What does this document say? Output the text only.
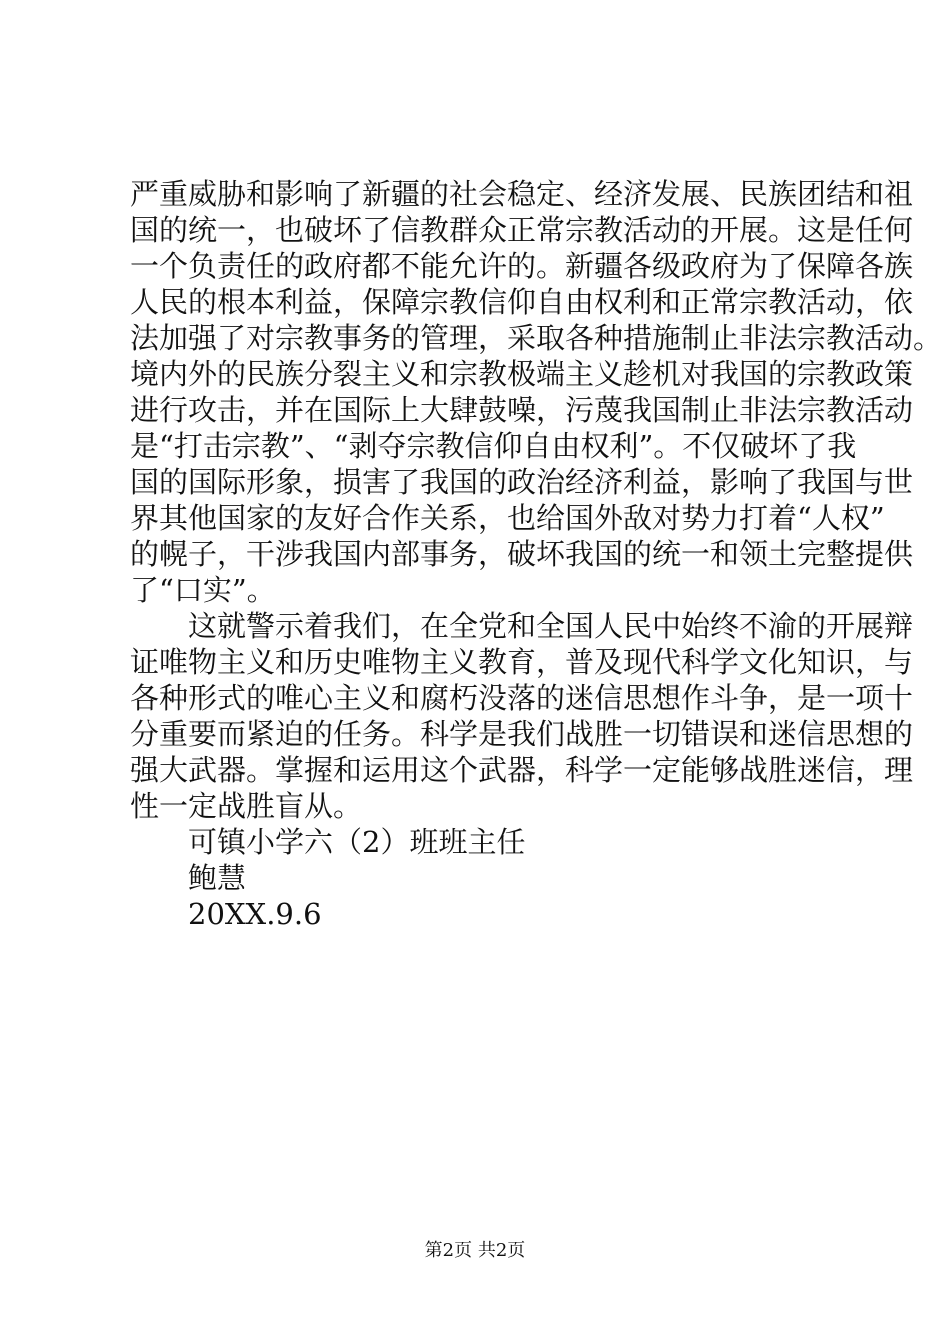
严重威胁和影响了新疆的社会稳定、经济发展、民族团结和祖
国的统一，也破坏了信教群众正常宗教活动的开展。这是任何
一个负责任的政府都不能允许的。新疆各级政府为了保障各族
人民的根本利益，保障宗教信仰自由权利和正常宗教活动，依
法加强了对宗教事务的管理，采取各种措施制止非法宗教活动。
境内外的民族分裂主义和宗教极端主义趁机对我国的宗教政策
进行攻击，并在国际上大肆鼓噪，污蔑我国制止非法宗教活动
是“打击宗教”、“剥夺宗教信仰自由权利”。不仅破坏了我
国的国际形象，损害了我国的政治经济利益，影响了我国与世
界其他国家的友好合作关系，也给国外敌对势力打着“人权”
的幌子，干涉我国内部事务，破坏我国的统一和领土完整提供
了“口实”。
　　这就警示着我们，在全党和全国人民中始终不渝的开展辩
证唯物主义和历史唯物主义教育，普及现代科学文化知识，与
各种形式的唯心主义和腐朽没落的迷信思想作斗争，是一项十
分重要而紧迫的任务。科学是我们战胜一切错误和迷信思想的
强大武器。掌握和运用这个武器，科学一定能够战胜迷信，理
性一定战胜盲从。
　　可镇小学六（2）班班主任
　　鲍慧
　　20XX.9.6
第2页 共2页
